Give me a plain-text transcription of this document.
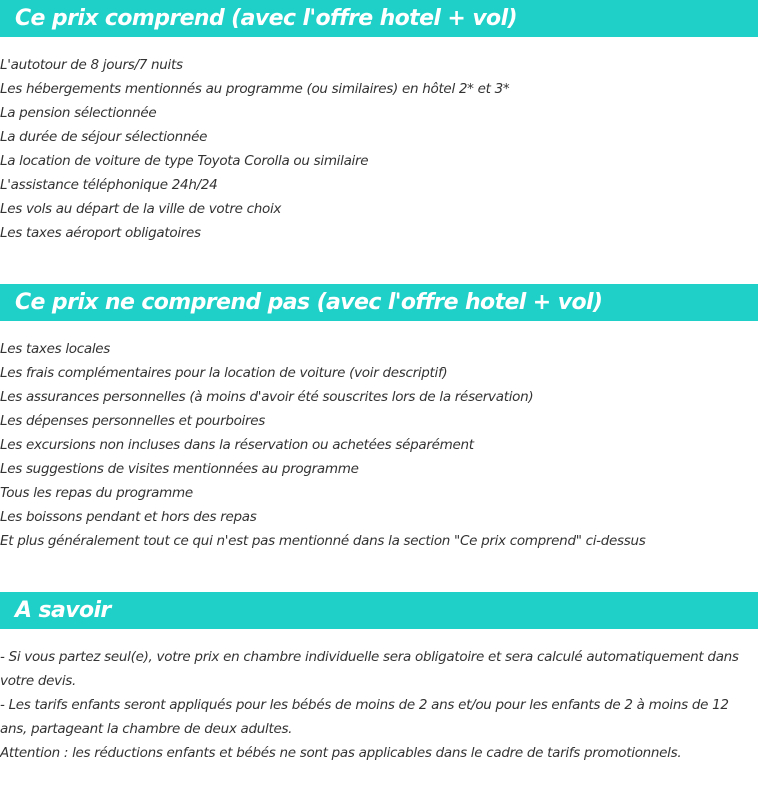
Ce prix comprend (avec l'offre hotel + vol)
L'autotour de 8 jours/7 nuits
Les hébergements mentionnés au programme (ou similaires) en hôtel 2* et 3*
La pension sélectionnée
La durée de séjour sélectionnée
La location de voiture de type Toyota Corolla ou similaire
L'assistance téléphonique 24h/24
Les vols au départ de la ville de votre choix
Les taxes aéroport obligatoires
Ce prix ne comprend pas (avec l'offre hotel + vol)
Les taxes locales
Les frais complémentaires pour la location de voiture (voir descriptif)
Les assurances personnelles (à moins d'avoir été souscrites lors de la réservation)
Les dépenses personnelles et pourboires
Les excursions non incluses dans la réservation ou achetées séparément
Les suggestions de visites mentionnées au programme
Tous les repas du programme
Les boissons pendant et hors des repas
Et plus généralement tout ce qui n'est pas mentionné dans la section "Ce prix comprend" ci-dessus
A savoir
- Si vous partez seul(e), votre prix en chambre individuelle sera obligatoire et sera calculé automatiquement dans votre devis.
- Les tarifs enfants seront appliqués pour les bébés de moins de 2 ans et/ou pour les enfants de 2 à moins de 12 ans, partageant la chambre de deux adultes.
Attention : les réductions enfants et bébés ne sont pas applicables dans le cadre de tarifs promotionnels.
